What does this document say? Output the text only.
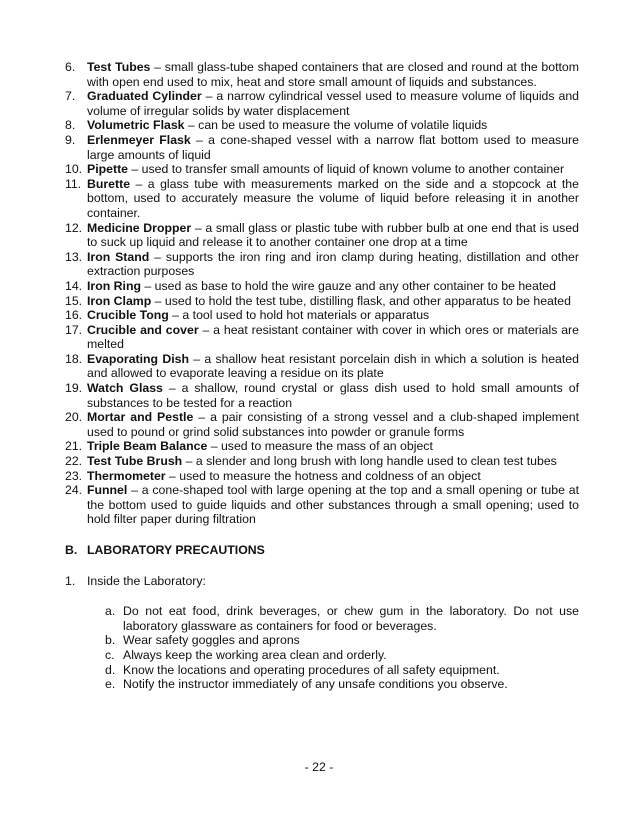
6. Test Tubes – small glass-tube shaped containers that are closed and round at the bottom with open end used to mix, heat and store small amount of liquids and substances.
7. Graduated Cylinder – a narrow cylindrical vessel used to measure volume of liquids and volume of irregular solids by water displacement
8. Volumetric Flask – can be used to measure the volume of volatile liquids
9. Erlenmeyer Flask – a cone-shaped vessel with a narrow flat bottom used to measure large amounts of liquid
10. Pipette – used to transfer small amounts of liquid of known volume to another container
11. Burette – a glass tube with measurements marked on the side and a stopcock at the bottom, used to accurately measure the volume of liquid before releasing it in another container.
12. Medicine Dropper – a small glass or plastic tube with rubber bulb at one end that is used to suck up liquid and release it to another container one drop at a time
13. Iron Stand – supports the iron ring and iron clamp during heating, distillation and other extraction purposes
14. Iron Ring – used as base to hold the wire gauze and any other container to be heated
15. Iron Clamp – used to hold the test tube, distilling flask, and other apparatus to be heated
16. Crucible Tong – a tool used to hold hot materials or apparatus
17. Crucible and cover – a heat resistant container with cover in which ores or materials are melted
18. Evaporating Dish – a shallow heat resistant porcelain dish in which a solution is heated and allowed to evaporate leaving a residue on its plate
19. Watch Glass – a shallow, round crystal or glass dish used to hold small amounts of substances to be tested for a reaction
20. Mortar and Pestle – a pair consisting of a strong vessel and a club-shaped implement used to pound or grind solid substances into powder or granule forms
21. Triple Beam Balance – used to measure the mass of an object
22. Test Tube Brush – a slender and long brush with long handle used to clean test tubes
23. Thermometer – used to measure the hotness and coldness of an object
24. Funnel – a cone-shaped tool with large opening at the top and a small opening or tube at the bottom used to guide liquids and other substances through a small opening; used to hold filter paper during filtration
B. LABORATORY PRECAUTIONS
1. Inside the Laboratory:
a. Do not eat food, drink beverages, or chew gum in the laboratory. Do not use laboratory glassware as containers for food or beverages.
b. Wear safety goggles and aprons
c. Always keep the working area clean and orderly.
d. Know the locations and operating procedures of all safety equipment.
e. Notify the instructor immediately of any unsafe conditions you observe.
- 22 -
